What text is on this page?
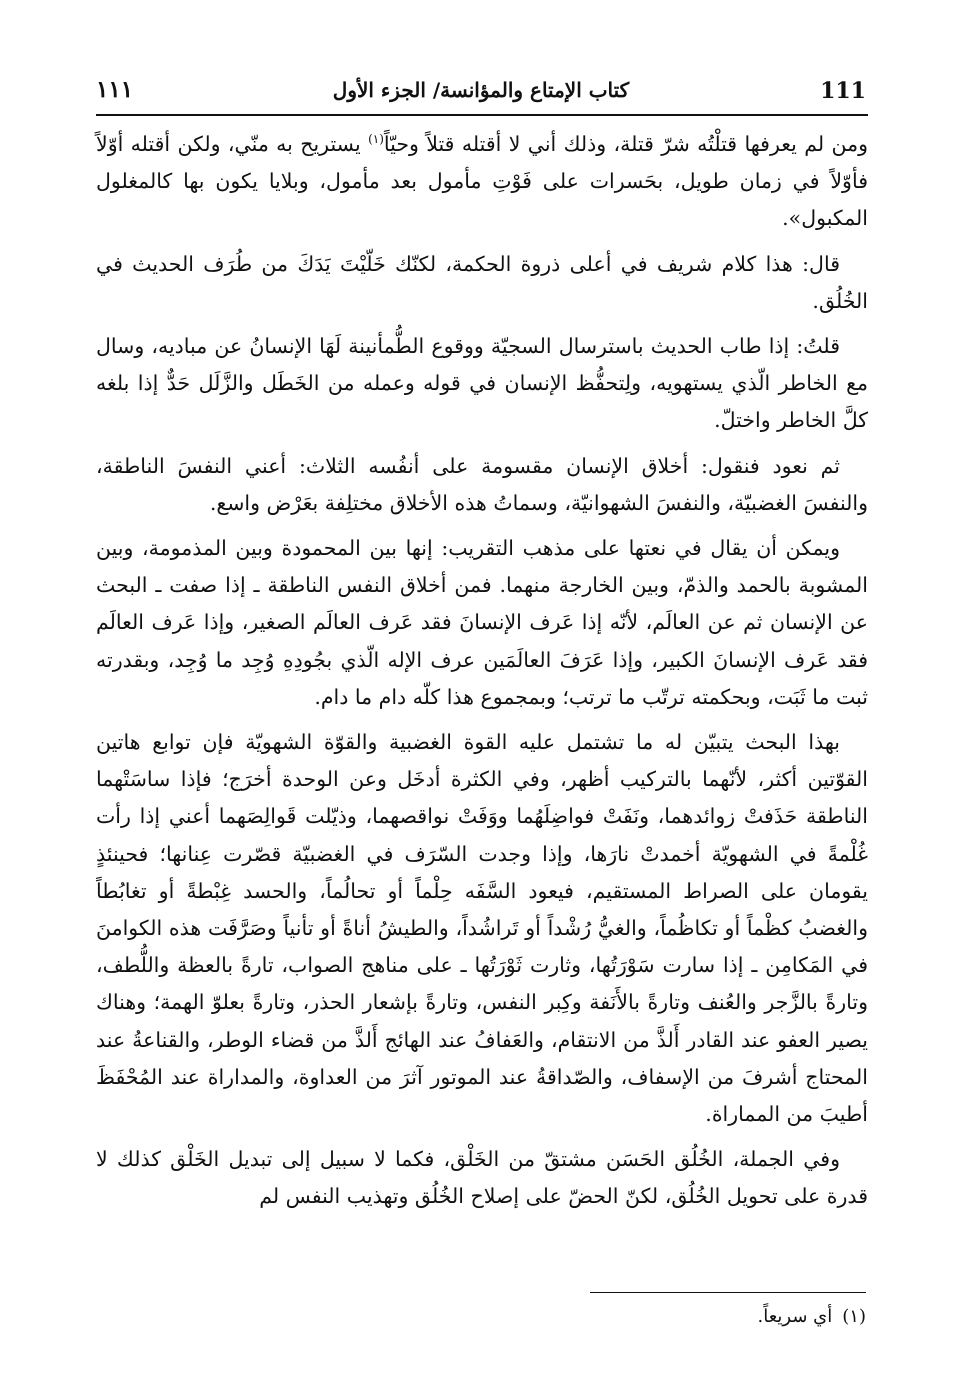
١١١	كتاب الإمتاع والمؤانسة/ الجزء الأول	111

ومن لم يعرفها قتلْتُه شرّ قتلة، وذلك أني لا أقتله قتلاً وحيّاً$^{(١)}$ يستريح به منّي، ولكن أقتله أوّلاً فأوّلاً في زمان طويل، بحَسرات على فَوْتِ مأمول بعد مأمول، وبلايا يكون بها كالمغلول المكبول».

قال: هذا كلام شريف في أعلى ذروة الحكمة، لكنّك خَلّيْتَ يَدَكَ من طُرَف الحديث في الخُلُق.

قلتُ: إذا طاب الحديث باسترسال السجيّة ووقوع الطُّمأنينة لَهَا الإنسانُ عن مباديه، وسال مع الخاطر الّذي يستهويه، ولِتحفُّظ الإنسان في قوله وعمله من الخَطَل والزَّلَل حَدٌّ إذا بلغه كلَّ الخاطر واختلّ.

ثم نعود فنقول: أخلاق الإنسان مقسومة على أنفُسه الثلاث: أعني النفسَ الناطقة، والنفسَ الغضبيّة، والنفسَ الشهوانيّة، وسماتُ هذه الأخلاق مختلِفة بعَرْض واسع.

ويمكن أن يقال في نعتها على مذهب التقريب: إنها بين المحمودة وبين المذمومة، وبين المشوبة بالحمد والذمّ، وبين الخارجة منهما. فمن أخلاق النفس الناطقة ـ إذا صفت ـ البحث عن الإنسان ثم عن العالَم، لأنّه إذا عَرف الإنسانَ فقد عَرف العالَم الصغير، وإذا عَرف العالَم فقد عَرف الإنسانَ الكبير، وإذا عَرَفَ العالَمَين عرف الإله الّذي بجُودِهِ وُجِد ما وُجِد، وبقدرته ثبت ما ثَبَت، وبحكمته ترتّب ما ترتب؛ وبمجموع هذا كلّه دام ما دام.

بهذا البحث يتبيّن له ما تشتمل عليه القوة الغضبية والقوّة الشهويّة فإن توابع هاتين القوّتين أكثر، لأنّهما بالتركيب أظهر، وفي الكثرة أدخَل وعن الوحدة أخرَج؛ فإذا ساسَتْهما الناطقة حَذَفتْ زوائدهما، ونَفَتْ فواضِلَهُما ووَفَتْ نواقصهما، وذيّلت قَوالِصَهما أعني إذا رأت غُلْمةً في الشهويّة أخمدتْ نارَها، وإذا وجدت السّرَف في الغضبيّة قصّرت عِنانها؛ فحينئذٍ يقومان على الصراط المستقيم، فيعود السَّفَه حِلْماً أو تحالُماً، والحسد غِبْطةً أو تغابُطاً والغضبُ كظْماً أو تكاظُماً، والغيُّ رُشْداً أو تَراشُداً، والطيشُ أناةً أو تأنياً وصَرَّفَت هذه الكوامنَ في المَكامِن ـ إذا سارت سَوْرَتُها، وثارت ثَوْرَتُها ـ على مناهج الصواب، تارةً بالعظة واللُّطف، وتارةً بالزَّجر والعُنف وتارةً بالأَنَفة وكِبر النفس، وتارةً بإشعار الحذر، وتارةً بعلوّ الهمة؛ وهناك يصير العفو عند القادر أَلذَّ من الانتقام، والعَفافُ عند الهائج أَلذَّ من قضاء الوطر، والقناعةُ عند المحتاج أشرفَ من الإسفاف، والصّداقةُ عند الموتور آثرَ من العداوة، والمداراة عند المُحْفَظَ أطيبَ من المماراة.

وفي الجملة، الخُلُق الحَسَن مشتقّ من الخَلْق، فكما لا سبيل إلى تبديل الخَلْق كذلك لا قدرة على تحويل الخُلُق، لكنّ الحضّ على إصلاح الخُلُق وتهذيب النفس لم

(١)أي سريعاً.
